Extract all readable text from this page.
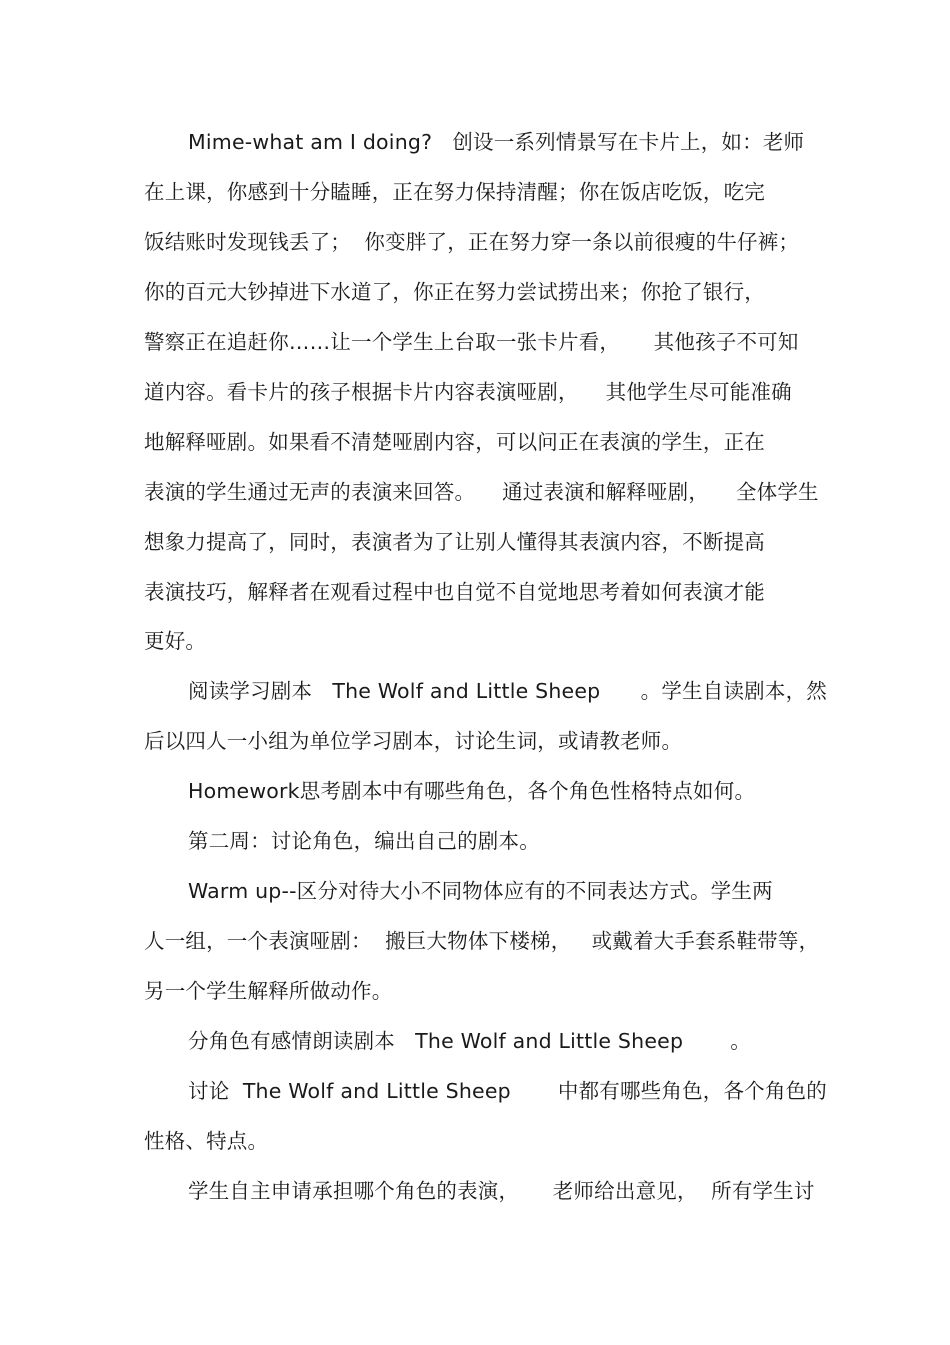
Mime-what am I doing?   创设一系列情景写在卡片上，如：老师
在上课，你感到十分瞌睡，正在努力保持清醒；你在饭店吃饭，吃完
饭结账时发现钱丢了；  你变胖了，正在努力穿一条以前很瘦的牛仔裤；
你的百元大钞掉进下水道了，你正在努力尝试捞出来；你抢了银行，
警察正在追赶你……让一个学生上台取一张卡片看，     其他孩子不可知
道内容。看卡片的孩子根据卡片内容表演哑剧，    其他学生尽可能准确
地解释哑剧。如果看不清楚哑剧内容，可以问正在表演的学生，正在
表演的学生通过无声的表演来回答。    通过表演和解释哑剧，    全体学生
想象力提高了，同时，表演者为了让别人懂得其表演内容，不断提高
表演技巧，解释者在观看过程中也自觉不自觉地思考着如何表演才能
更好。
阅读学习剧本   The Wolf and Little Sheep      。学生自读剧本，然
后以四人一小组为单位学习剧本，讨论生词，或请教老师。
Homework思考剧本中有哪些角色，各个角色性格特点如何。
第二周：讨论角色，编出自己的剧本。
Warm up--区分对待大小不同物体应有的不同表达方式。学生两
人一组，一个表演哑剧：  搬巨大物体下楼梯，   或戴着大手套系鞋带等，
另一个学生解释所做动作。
分角色有感情朗读剧本   The Wolf and Little Sheep       。
讨论  The Wolf and Little Sheep       中都有哪些角色，各个角色的
性格、特点。
学生自主申请承担哪个角色的表演，     老师给出意见，  所有学生讨
